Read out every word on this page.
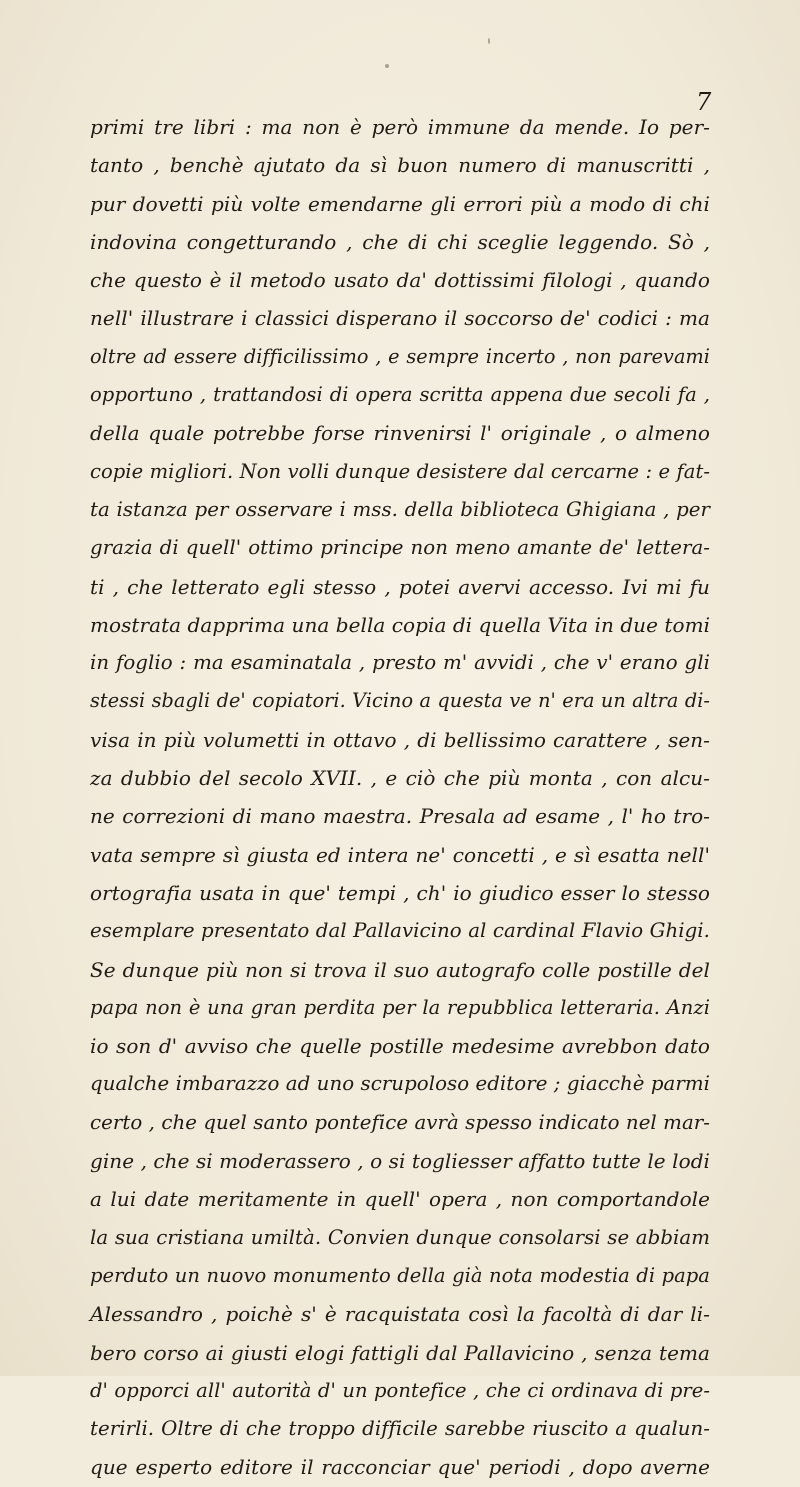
7
primi tre libri : ma non è però immune da mende. Io per-
tanto , benchè ajutato da sì buon numero di manuscritti ,
pur dovetti più volte emendarne gli errori più a modo di chi
indovina congetturando , che di chi sceglie leggendo. Sò ,
che questo è il metodo usato da' dottissimi filologi , quando
nell' illustrare i classici disperano il soccorso de' codici : ma
oltre ad essere difficilissimo , e sempre incerto , non parevami
opportuno , trattandosi di opera scritta appena due secoli fa ,
della quale potrebbe forse rinvenirsi l' originale , o almeno
copie migliori. Non volli dunque desistere dal cercarne : e fat-
ta istanza per osservare i mss. della biblioteca Ghigiana , per
grazia di quell' ottimo principe non meno amante de' lettera-
ti , che letterato egli stesso , potei avervi accesso. Ivi mi fu
mostrata dapprima una bella copia di quella Vita in due tomi
in foglio : ma esaminatala , presto m' avvidi , che v' erano gli
stessi sbagli de' copiatori. Vicino a questa ve n' era un altra di-
visa in più volumetti in ottavo , di bellissimo carattere , sen-
za dubbio del secolo XVII. , e ciò che più monta , con alcu-
ne correzioni di mano maestra. Presala ad esame , l' ho tro-
vata sempre sì giusta ed intera ne' concetti , e sì esatta nell'
ortografia usata in que' tempi , ch' io giudico esser lo stesso
esemplare presentato dal Pallavicino al cardinal Flavio Ghigi.
Se dunque più non si trova il suo autografo colle postille del
papa non è una gran perdita per la repubblica letteraria. Anzi
io son d' avviso che quelle postille medesime avrebbon dato
qualche imbarazzo ad uno scrupoloso editore ; giacchè parmi
certo , che quel santo pontefice avrà spesso indicato nel mar-
gine , che si moderassero , o si togliesser affatto tutte le lodi
a lui date meritamente in quell' opera , non comportandole
la sua cristiana umiltà. Convien dunque consolarsi se abbiam
perduto un nuovo monumento della già nota modestia di papa
Alessandro , poichè s' è racquistata così la facoltà di dar li-
bero corso ai giusti elogi fattigli dal Pallavicino , senza tema
d' opporci all' autorità d' un pontefice , che ci ordinava di pre-
terirli. Oltre di che troppo difficile sarebbe riuscito a qualun-
que esperto editore il racconciar que' periodi , dopo averne
